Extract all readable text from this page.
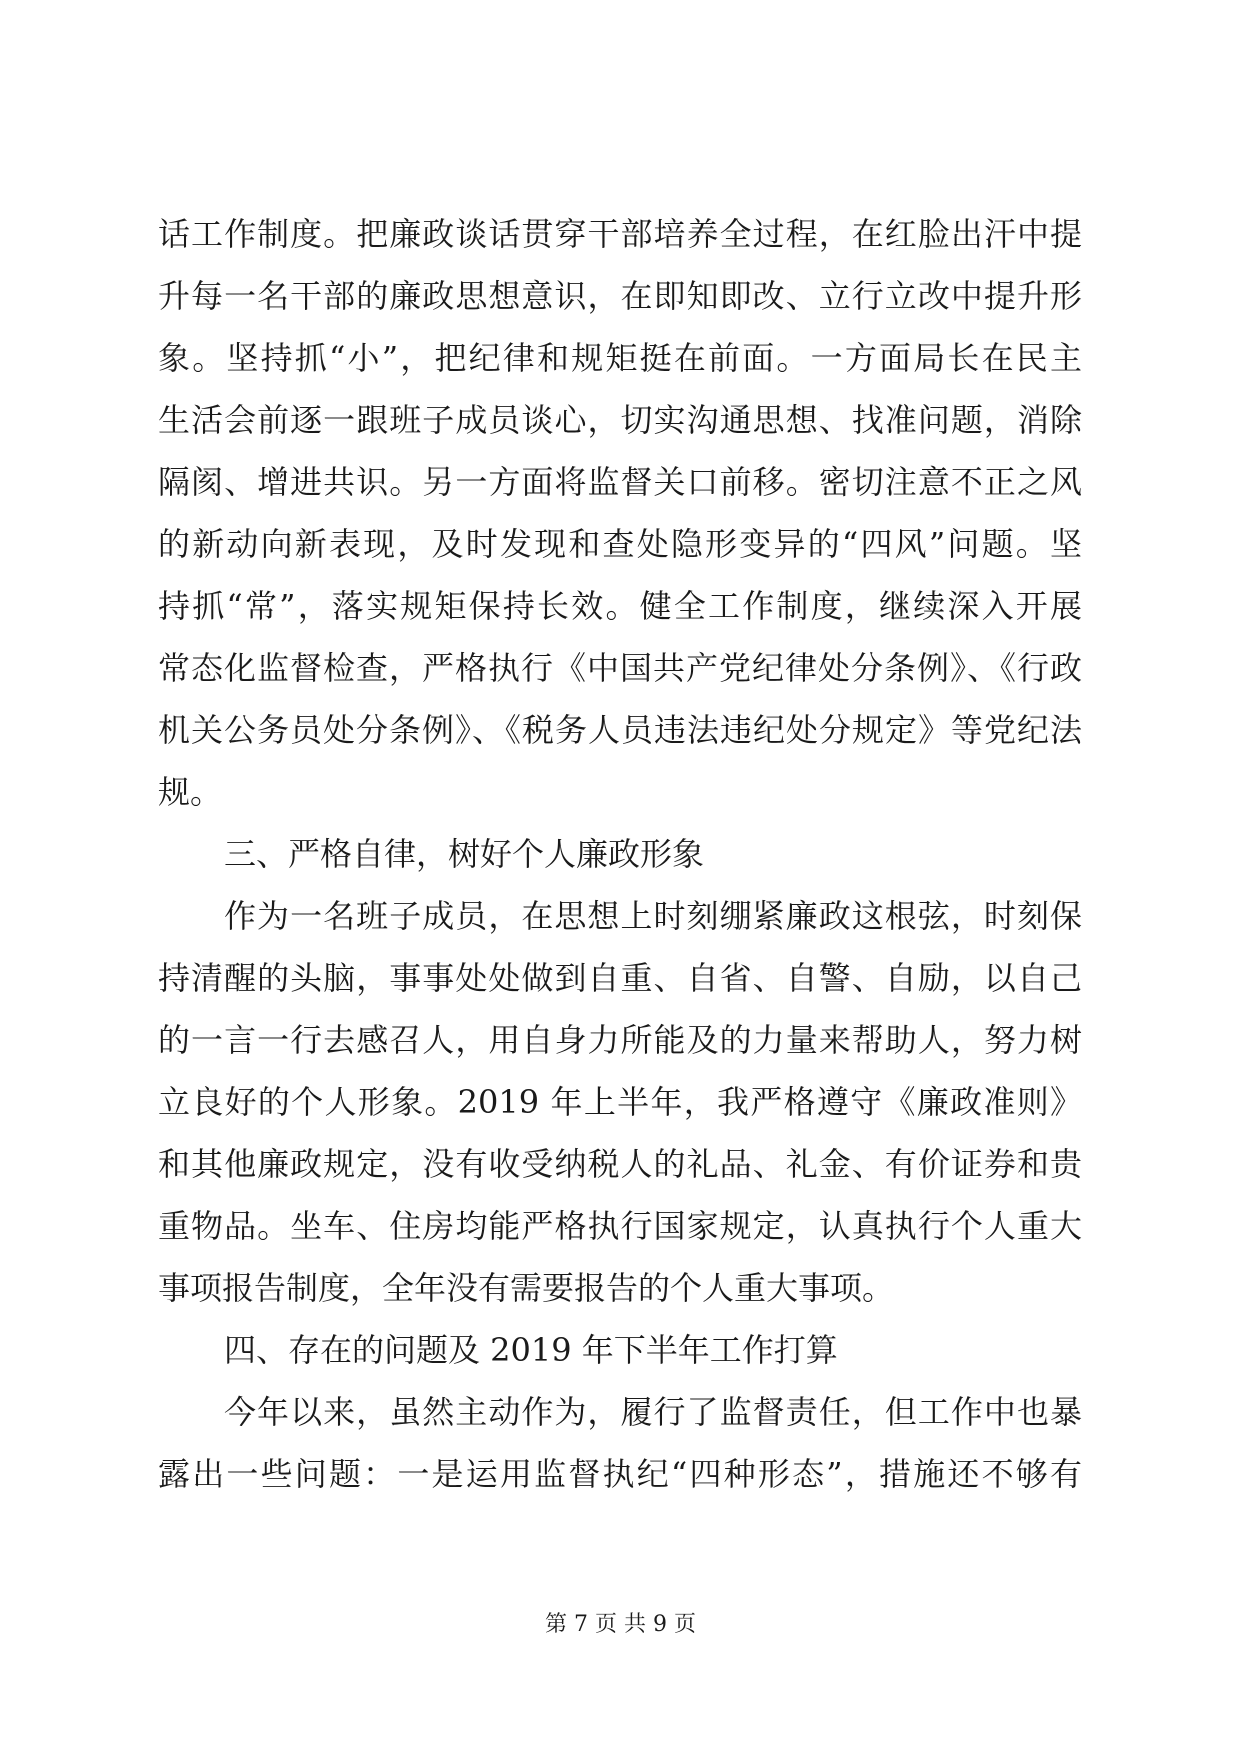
话工作制度。把廉政谈话贯穿干部培养全过程，在红脸出汗中提
升每一名干部的廉政思想意识，在即知即改、立行立改中提升形
象。坚持抓“小”，把纪律和规矩挺在前面。一方面局长在民主
生活会前逐一跟班子成员谈心，切实沟通思想、找准问题，消除
隔阂、增进共识。另一方面将监督关口前移。密切注意不正之风
的新动向新表现，及时发现和查处隐形变异的“四风”问题。坚
持抓“常”，落实规矩保持长效。健全工作制度，继续深入开展
常态化监督检查，严格执行《中国共产党纪律处分条例》、《行政
机关公务员处分条例》、《税务人员违法违纪处分规定》等党纪法
规。
三、严格自律，树好个人廉政形象
作为一名班子成员，在思想上时刻绷紧廉政这根弦，时刻保
持清醒的头脑，事事处处做到自重、自省、自警、自励，以自己
的一言一行去感召人，用自身力所能及的力量来帮助人，努力树
立良好的个人形象。2019 年上半年，我严格遵守《廉政准则》
和其他廉政规定，没有收受纳税人的礼品、礼金、有价证券和贵
重物品。坐车、住房均能严格执行国家规定，认真执行个人重大
事项报告制度，全年没有需要报告的个人重大事项。
四、存在的问题及 2019 年下半年工作打算
今年以来，虽然主动作为，履行了监督责任，但工作中也暴
露出一些问题：一是运用监督执纪“四种形态”，措施还不够有
第 7 页 共 9 页
